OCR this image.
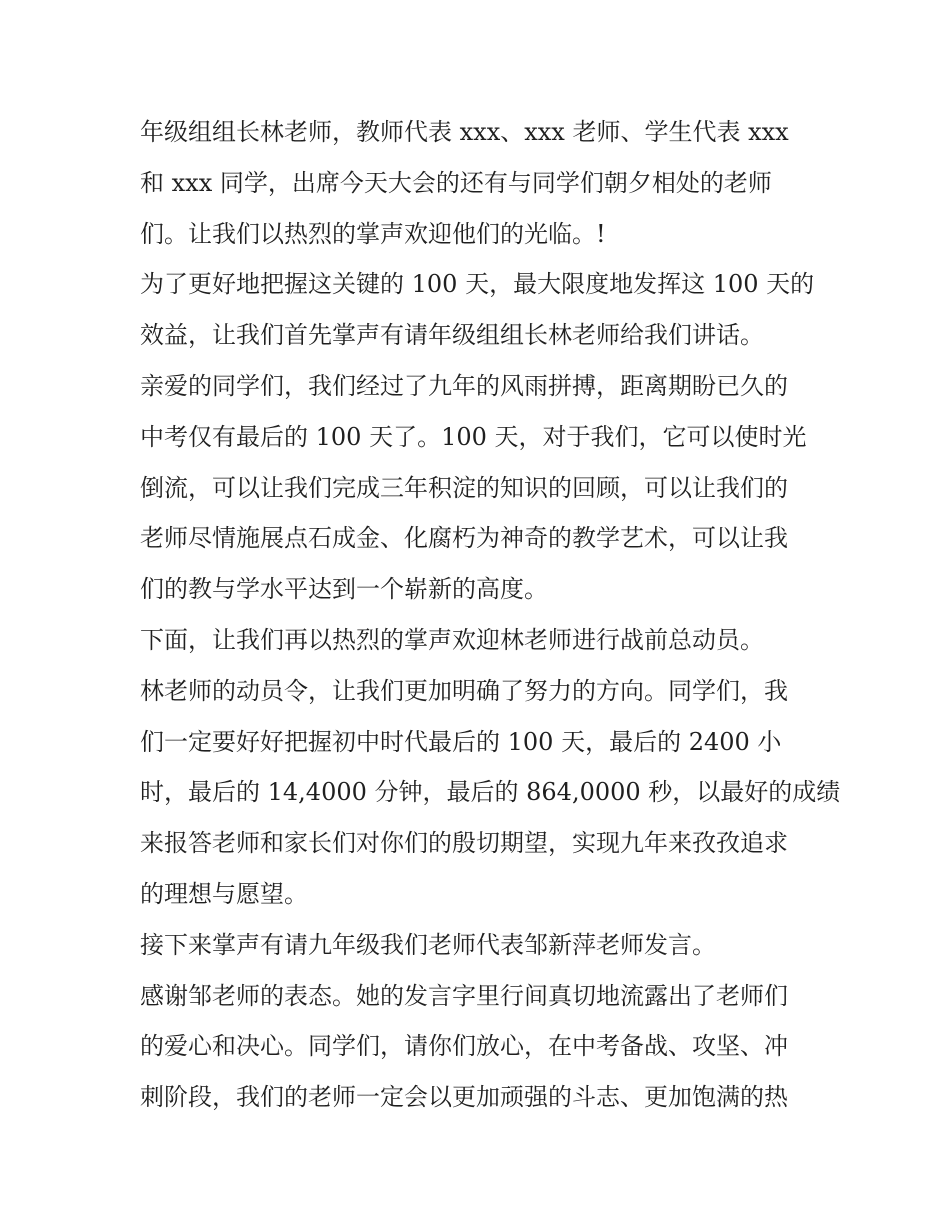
年级组组长林老师，教师代表 xxx、xxx 老师、学生代表 xxx
和 xxx 同学，出席今天大会的还有与同学们朝夕相处的老师
们。让我们以热烈的掌声欢迎他们的光临。!
为了更好地把握这关键的 100 天，最大限度地发挥这 100 天的
效益，让我们首先掌声有请年级组组长林老师给我们讲话。
亲爱的同学们，我们经过了九年的风雨拼搏，距离期盼已久的
中考仅有最后的 100 天了。100 天，对于我们，它可以使时光
倒流，可以让我们完成三年积淀的知识的回顾，可以让我们的
老师尽情施展点石成金、化腐朽为神奇的教学艺术，可以让我
们的教与学水平达到一个崭新的高度。
下面，让我们再以热烈的掌声欢迎林老师进行战前总动员。
林老师的动员令，让我们更加明确了努力的方向。同学们，我
们一定要好好把握初中时代最后的 100 天，最后的 2400 小
时，最后的 14,4000 分钟，最后的 864,0000 秒，以最好的成绩
来报答老师和家长们对你们的殷切期望，实现九年来孜孜追求
的理想与愿望。
接下来掌声有请九年级我们老师代表邹新萍老师发言。
感谢邹老师的表态。她的发言字里行间真切地流露出了老师们
的爱心和决心。同学们，请你们放心，在中考备战、攻坚、冲
刺阶段，我们的老师一定会以更加顽强的斗志、更加饱满的热
